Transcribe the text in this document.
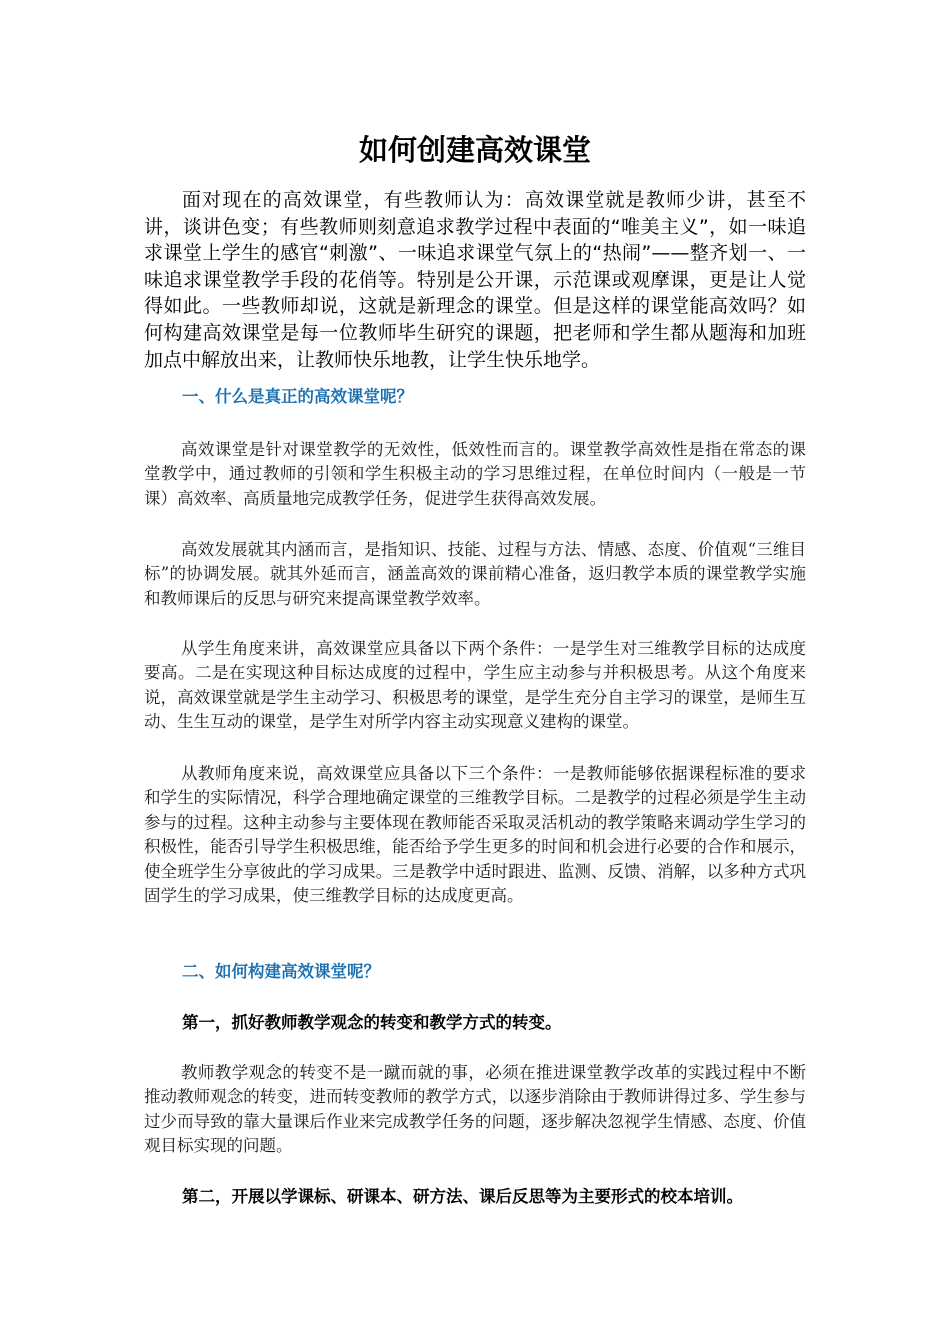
如何创建高效课堂

面对现在的高效课堂，有些教师认为：高效课堂就是教师少讲，甚至不讲，谈讲色变；有些教师则刻意追求教学过程中表面的“唯美主义”，如一味追求课堂上学生的感官“刺激”、一味追求课堂气氛上的“热闹”——整齐划一、一味追求课堂教学手段的花俏等。特别是公开课，示范课或观摩课，更是让人觉得如此。一些教师却说，这就是新理念的课堂。但是这样的课堂能高效吗？如何构建高效课堂是每一位教师毕生研究的课题，把老师和学生都从题海和加班加点中解放出来，让教师快乐地教，让学生快乐地学。

一、什么是真正的高效课堂呢？

高效课堂是针对课堂教学的无效性，低效性而言的。课堂教学高效性是指在常态的课堂教学中，通过教师的引领和学生积极主动的学习思维过程，在单位时间内（一般是一节课）高效率、高质量地完成教学任务，促进学生获得高效发展。

高效发展就其内涵而言，是指知识、技能、过程与方法、情感、态度、价值观“三维目标”的协调发展。就其外延而言，涵盖高效的课前精心准备，返归教学本质的课堂教学实施和教师课后的反思与研究来提高课堂教学效率。

从学生角度来讲，高效课堂应具备以下两个条件：一是学生对三维教学目标的达成度要高。二是在实现这种目标达成度的过程中，学生应主动参与并积极思考。从这个角度来说，高效课堂就是学生主动学习、积极思考的课堂，是学生充分自主学习的课堂，是师生互动、生生互动的课堂，是学生对所学内容主动实现意义建构的课堂。

从教师角度来说，高效课堂应具备以下三个条件：一是教师能够依据课程标准的要求和学生的实际情况，科学合理地确定课堂的三维教学目标。二是教学的过程必须是学生主动参与的过程。这种主动参与主要体现在教师能否采取灵活机动的教学策略来调动学生学习的积极性，能否引导学生积极思维，能否给予学生更多的时间和机会进行必要的合作和展示，使全班学生分享彼此的学习成果。三是教学中适时跟进、监测、反馈、消解，以多种方式巩固学生的学习成果，使三维教学目标的达成度更高。

二、如何构建高效课堂呢？

第一，抓好教师教学观念的转变和教学方式的转变。

教师教学观念的转变不是一蹴而就的事，必须在推进课堂教学改革的实践过程中不断推动教师观念的转变，进而转变教师的教学方式，以逐步消除由于教师讲得过多、学生参与过少而导致的靠大量课后作业来完成教学任务的问题，逐步解决忽视学生情感、态度、价值观目标实现的问题。

第二，开展以学课标、研课本、研方法、课后反思等为主要形式的校本培训。
